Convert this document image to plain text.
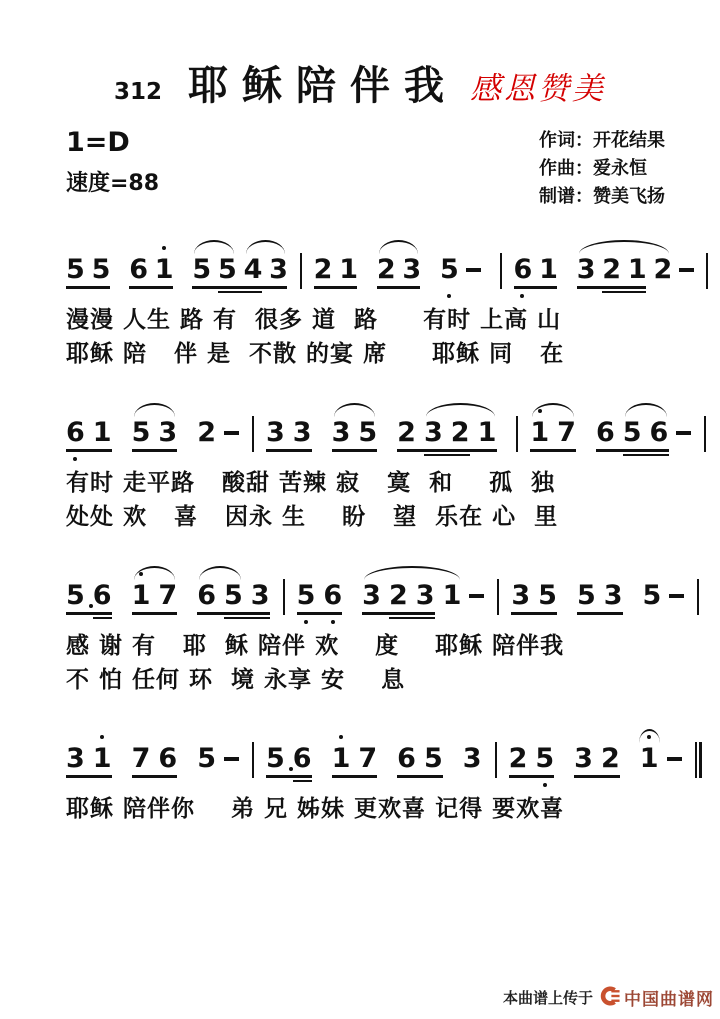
312 耶稣陪伴我 感恩赞美
1=D
速度=88
作词：开花结果
作曲：爱永恒
制谱：赞美飞扬
5 5 6 1 5 5 4 3 2 1 2 3 5 6 1 3 2 1 2
漫漫 人生 路 有  很多 道  路     有时 上高 山
耶稣 陪   伴 是  不散 的宴 席     耶稣 同   在
6 1 5 3 2 3 3 3 5 2 3 2 1 1 7 6 5 6
有时 走平路   酸甜 苦辣 寂   寞  和    孤  独
处处 欢   喜   因永 生    盼   望  乐在 心  里
5 6 1 7 6 5 3 5 6 3 2 3 1 3 5 5 3 5
感 谢 有   耶  稣 陪伴 欢    度    耶稣 陪伴我
不 怕 任何 环  境 永享 安    息
3 1 7 6 5 5 6 1 7 6 5 3 2 5 3 2 1
耶稣 陪伴你    弟 兄 姊妹 更欢喜 记得 要欢喜
本曲谱上传于 中国曲谱网
